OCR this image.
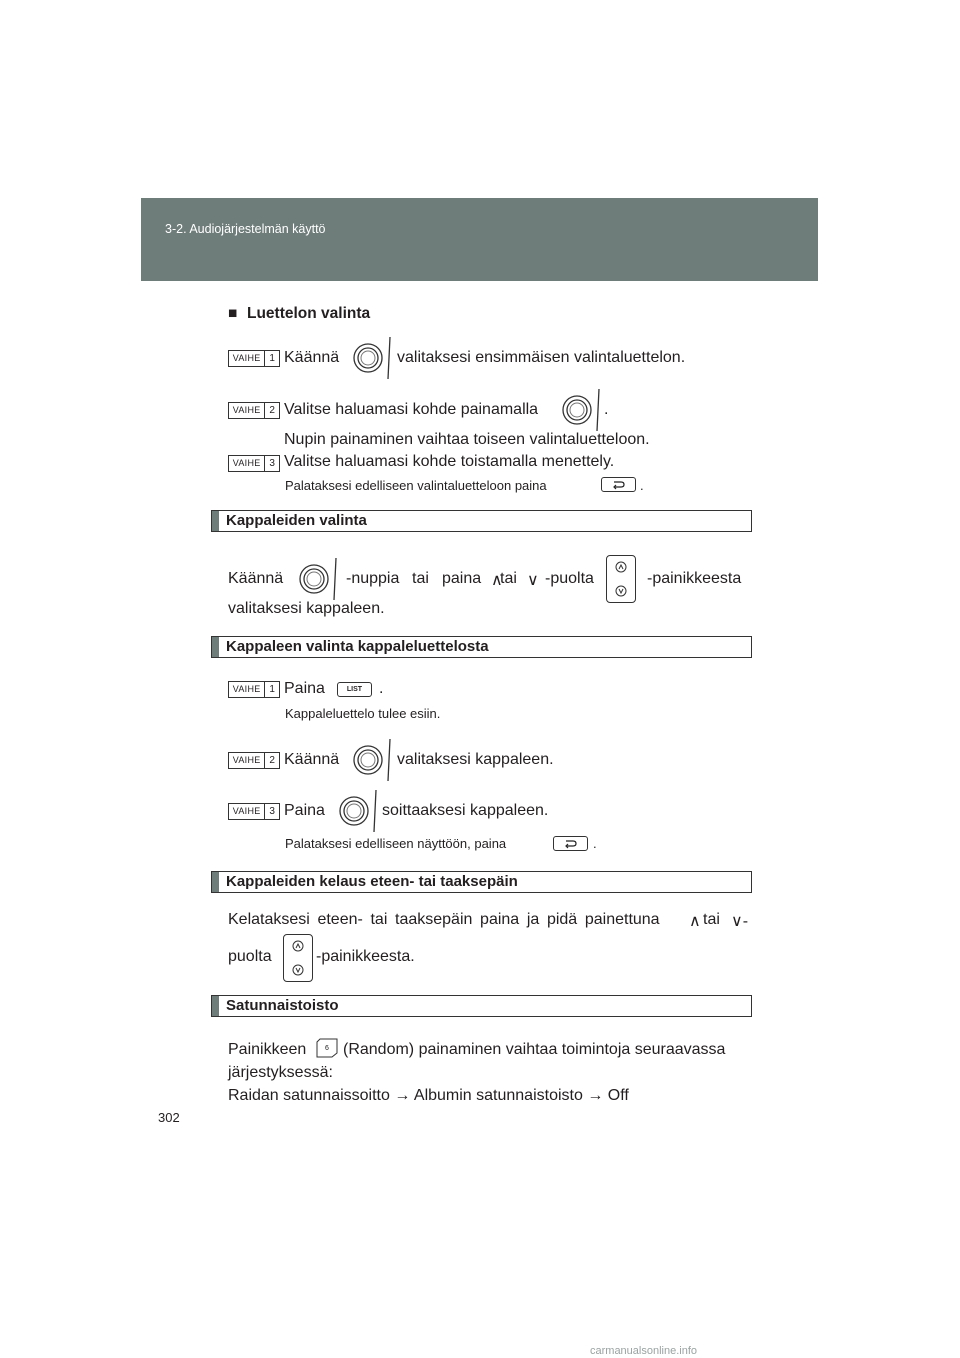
3-2. Audiojärjestelmän käyttö
■ Luettelon valinta
VAIHE 1 Käännä	valitaksesi ensimmäisen valintaluettelon.
VAIHE 2 Valitse haluamasi kohde painamalla	.
Nupin painaminen vaihtaa toiseen valintaluetteloon.
VAIHE 3 Valitse haluamasi kohde toistamalla menettely.
Palataksesi edelliseen valintaluetteloon paina	.
Kappaleiden valinta
Käännä	-nuppia tai paina ∧
tai ∨ -puolta	-painikkeesta
valitaksesi kappaleen.
Kappaleen valinta kappaleluettelosta
VAIHE 1 Paina	LIST	.
Kappaleluettelo tulee esiin.
VAIHE 2 Käännä	valitaksesi kappaleen.
VAIHE 3 Paina	soittaaksesi kappaleen.
Palataksesi edelliseen näyttöön, paina	.
Kappaleiden kelaus eteen- tai taaksepäin
Kelataksesi eteen- tai taaksepäin paina ja pidä painettuna ∧ tai ∨-
puolta	-painikkeesta.
Satunnaistoisto
Painikkeen	6 (Random) painaminen vaihtaa toimintoja seuraavassa
järjestyksessä:
Raidan satunnaissoitto → Albumin satunnaistoisto → Off
302
carmanualsonline.info
